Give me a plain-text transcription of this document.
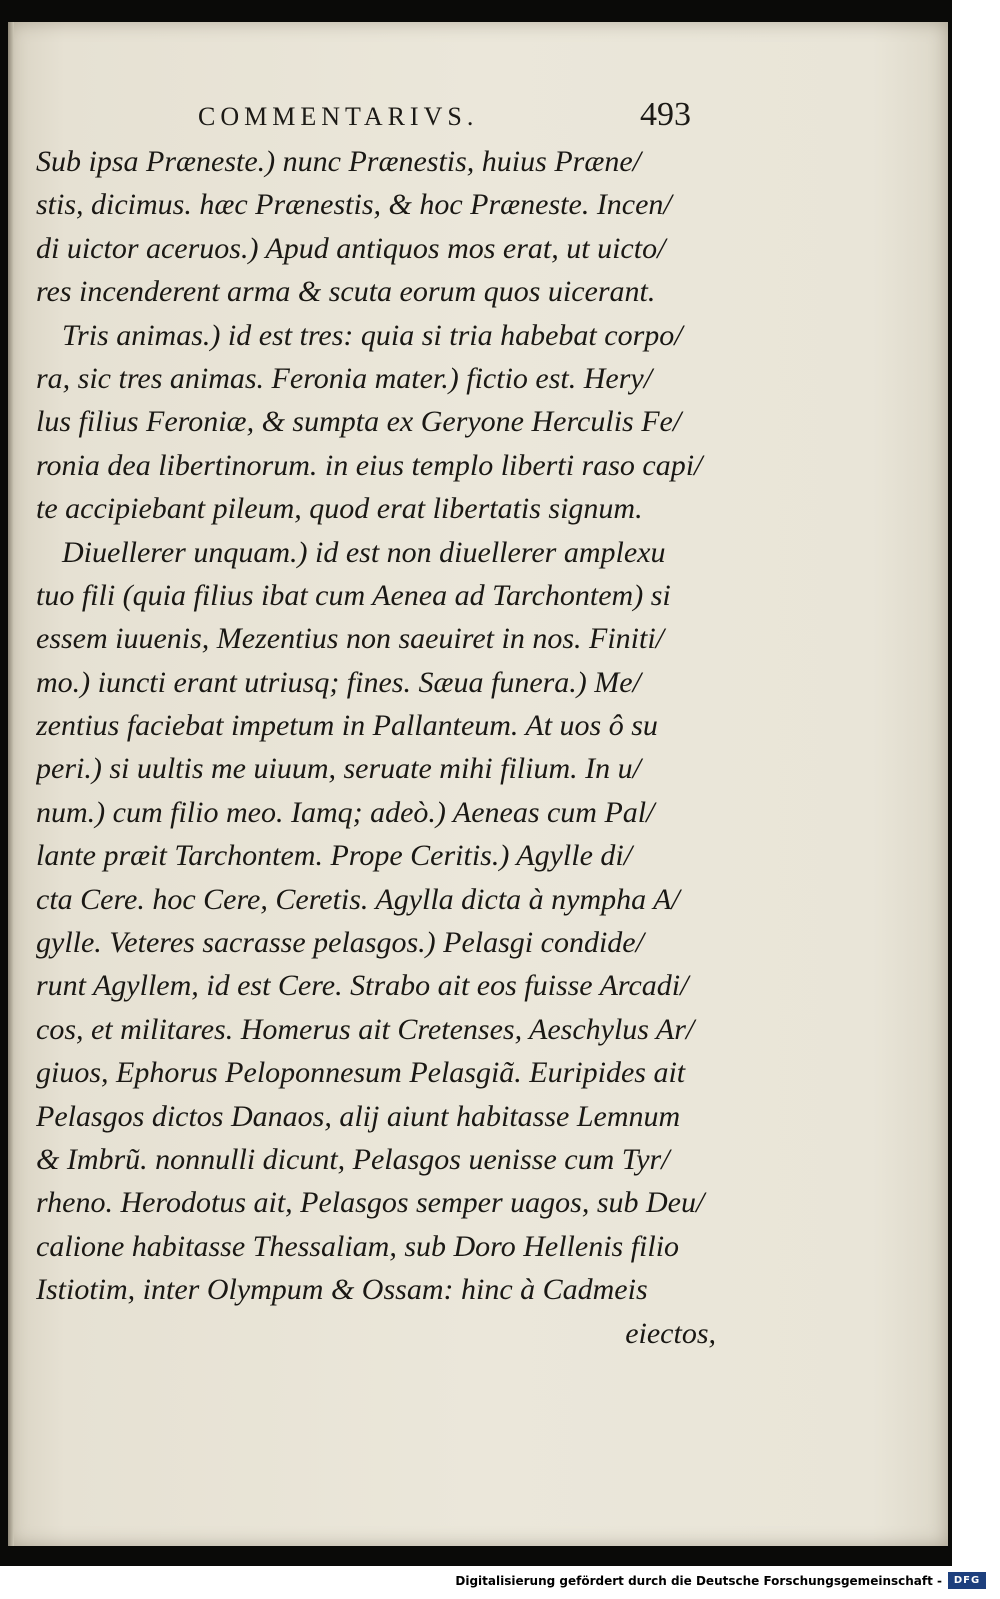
COMMENTARIVS.	493
Sub ipsa Præneste.) nunc Prænestis, huius Præne/
stis, dicimus. hæc Prænestis, & hoc Præneste. Incen/
di uictor aceruos.) Apud antiquos mos erat, ut uicto/
res incenderent arma & scuta eorum quos uicerant.
Tris animas.) id est tres: quia si tria habebat corpo/
ra, sic tres animas. Feronia mater.) fictio est. Hery/
lus filius Feroniæ, & sumpta ex Geryone Herculis Fe/
ronia dea libertinorum. in eius templo liberti raso capi/
te accipiebant pileum, quod erat libertatis signum.
Diuellerer unquam.) id est non diuellerer amplexu
tuo fili (quia filius ibat cum Aenea ad Tarchontem) si
essem iuuenis, Mezentius non saeuiret in nos. Finiti/
mo.) iuncti erant utriusq; fines. Sæua funera.) Me/
zentius faciebat impetum in Pallanteum. At uos ô su
peri.) si uultis me uiuum, seruate mihi filium. In u/
num.) cum filio meo. Iamq; adeò.) Aeneas cum Pal/
lante præit Tarchontem. Prope Ceritis.) Agylle di/
cta Cere. hoc Cere, Ceretis. Agylla dicta à nympha A/
gylle. Veteres sacrasse pelasgos.) Pelasgi condide/
runt Agyllem, id est Cere. Strabo ait eos fuisse Arcadi/
cos, et militares. Homerus ait Cretenses, Aeschylus Ar/
giuos, Ephorus Peloponnesum Pelasgiã. Euripides ait
Pelasgos dictos Danaos, alij aiunt habitasse Lemnum
& Imbrũ. nonnulli dicunt, Pelasgos uenisse cum Tyr/
rheno. Herodotus ait, Pelasgos semper uagos, sub Deu/
calione habitasse Thessaliam, sub Doro Hellenis filio
Istiotim, inter Olympum & Ossam: hinc à Cadmeis
eiectos,
Digitalisierung gefördert durch die Deutsche Forschungsgemeinschaft - DFG
